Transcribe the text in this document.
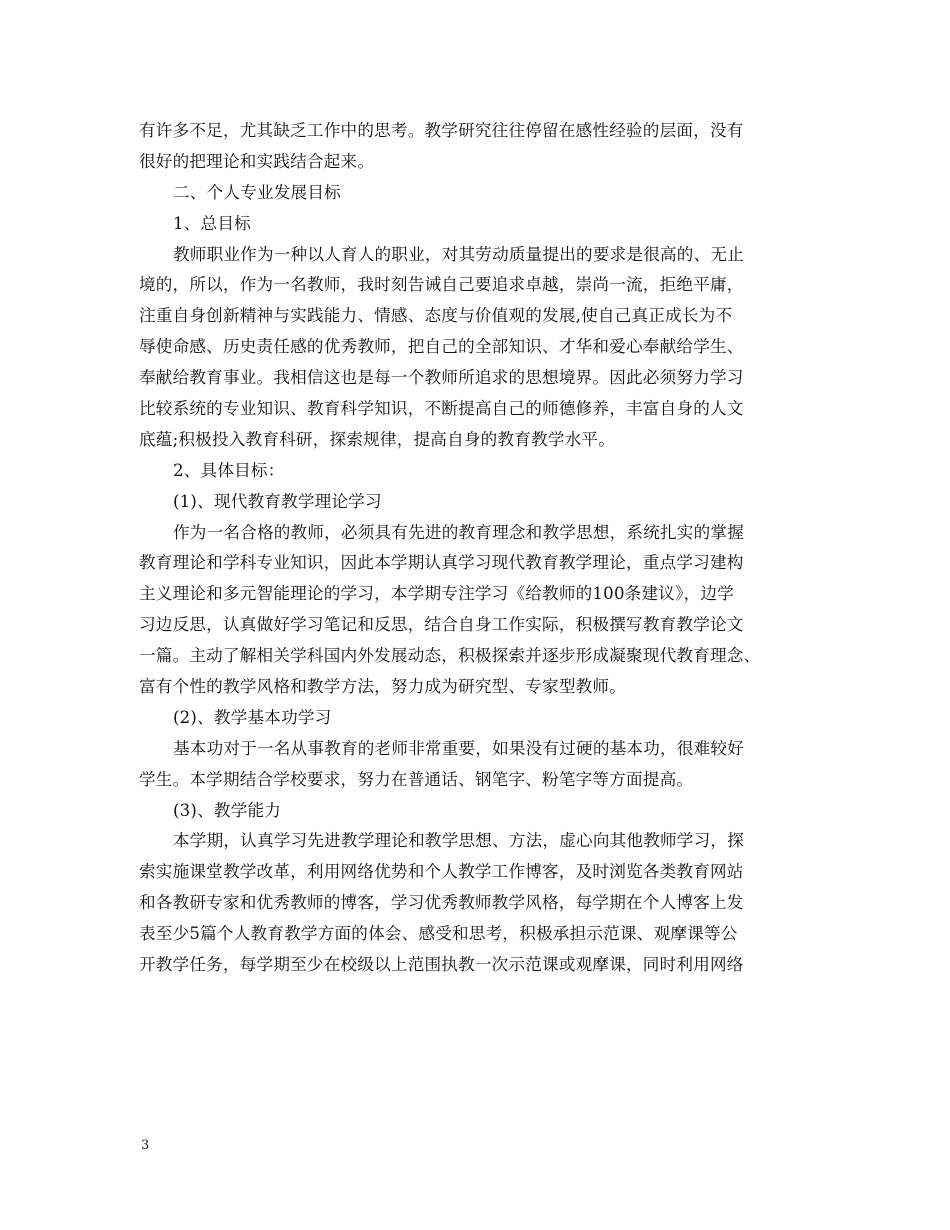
有许多不足，尤其缺乏工作中的思考。教学研究往往停留在感性经验的层面，没有
很好的把理论和实践结合起来。
二、个人专业发展目标
1、总目标
教师职业作为一种以人育人的职业，对其劳动质量提出的要求是很高的、无止
境的，所以，作为一名教师，我时刻告诫自己要追求卓越，崇尚一流，拒绝平庸，
注重自身创新精神与实践能力、情感、态度与价值观的发展,使自己真正成长为不
辱使命感、历史责任感的优秀教师，把自己的全部知识、才华和爱心奉献给学生、
奉献给教育事业。我相信这也是每一个教师所追求的思想境界。因此必须努力学习
比较系统的专业知识、教育科学知识，不断提高自己的师德修养，丰富自身的人文
底蕴;积极投入教育科研，探索规律，提高自身的教育教学水平。
2、具体目标：
(1)、现代教育教学理论学习
作为一名合格的教师，必须具有先进的教育理念和教学思想，系统扎实的掌握
教育理论和学科专业知识，因此本学期认真学习现代教育教学理论，重点学习建构
主义理论和多元智能理论的学习，本学期专注学习《给教师的100条建议》，边学
习边反思，认真做好学习笔记和反思，结合自身工作实际，积极撰写教育教学论文
一篇。主动了解相关学科国内外发展动态，积极探索并逐步形成凝聚现代教育理念、
富有个性的教学风格和教学方法，努力成为研究型、专家型教师。
(2)、教学基本功学习
基本功对于一名从事教育的老师非常重要，如果没有过硬的基本功，很难较好
学生。本学期结合学校要求，努力在普通话、钢笔字、粉笔字等方面提高。
(3)、教学能力
本学期，认真学习先进教学理论和教学思想、方法，虚心向其他教师学习，探
索实施课堂教学改革，利用网络优势和个人教学工作博客，及时浏览各类教育网站
和各教研专家和优秀教师的博客，学习优秀教师教学风格，每学期在个人博客上发
表至少5篇个人教育教学方面的体会、感受和思考，积极承担示范课、观摩课等公
开教学任务，每学期至少在校级以上范围执教一次示范课或观摩课，同时利用网络
3
